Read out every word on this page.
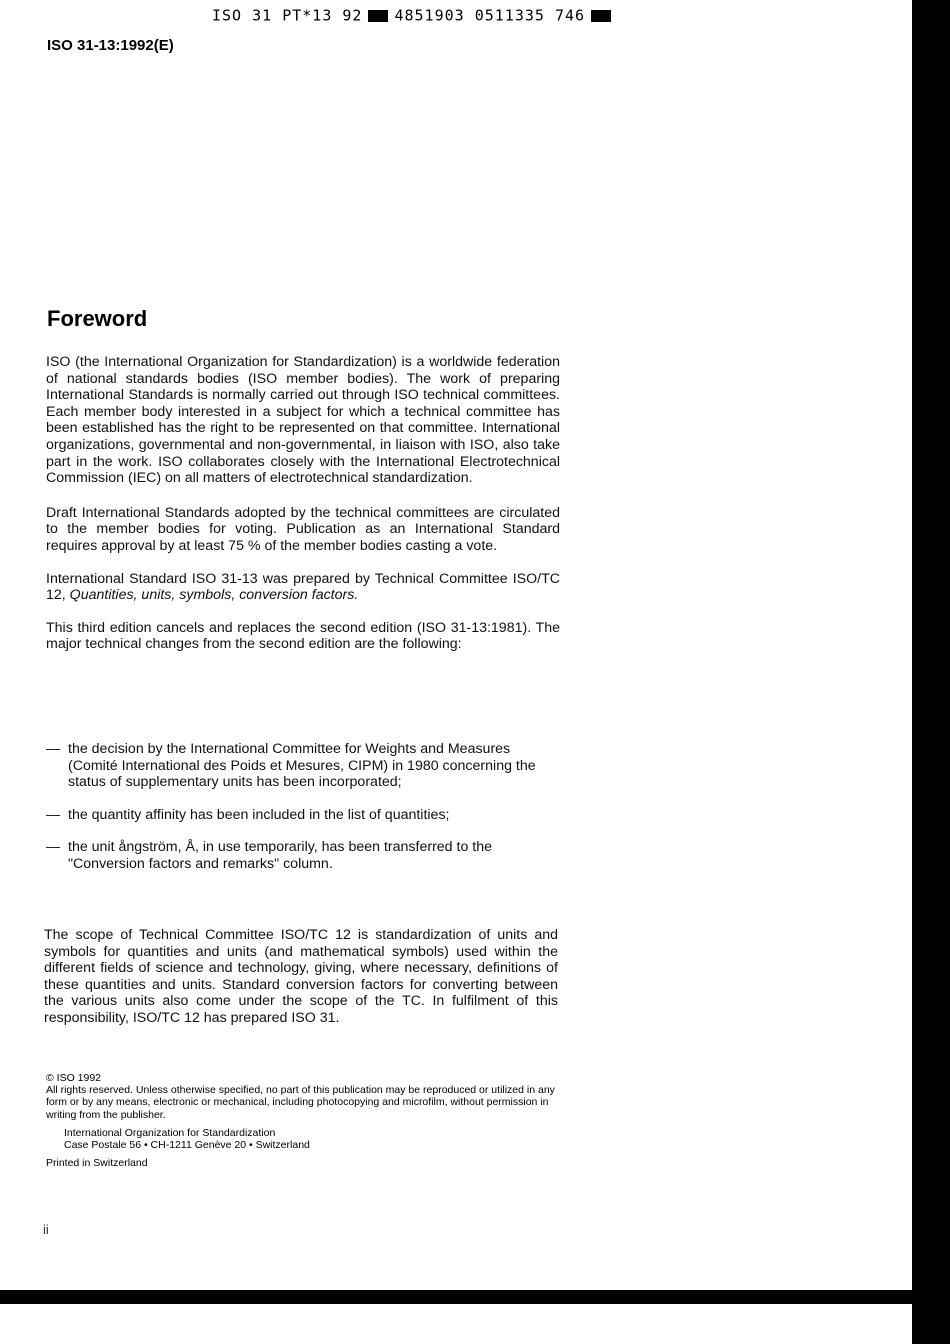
ISO 31 PT*13 92 4851903 0511335 746
ISO 31-13:1992(E)
Foreword

ISO (the International Organization for Standardization) is a worldwide federation of national standards bodies (ISO member bodies). The work of preparing International Standards is normally carried out through ISO technical committees. Each member body interested in a subject for which a technical committee has been established has the right to be represented on that committee. International organizations, governmental and non-governmental, in liaison with ISO, also take part in the work. ISO collaborates closely with the International Electrotechnical Commission (IEC) on all matters of electrotechnical standardization.

Draft International Standards adopted by the technical committees are circulated to the member bodies for voting. Publication as an International Standard requires approval by at least 75 % of the member bodies casting a vote.

International Standard ISO 31-13 was prepared by Technical Committee ISO/TC 12, Quantities, units, symbols, conversion factors.

This third edition cancels and replaces the second edition (ISO 31-13:1981). The major technical changes from the second edition are the following:

— the decision by the International Committee for Weights and Measures (Comité International des Poids et Mesures, CIPM) in 1980 concerning the status of supplementary units has been incorporated;
— the quantity affinity has been included in the list of quantities;
— the unit ångström, Å, in use temporarily, has been transferred to the "Conversion factors and remarks" column.

The scope of Technical Committee ISO/TC 12 is standardization of units and symbols for quantities and units (and mathematical symbols) used within the different fields of science and technology, giving, where necessary, definitions of these quantities and units. Standard conversion factors for converting between the various units also come under the scope of the TC. In fulfilment of this responsibility, ISO/TC 12 has prepared ISO 31.

© ISO 1992

All rights reserved. Unless otherwise specified, no part of this publication may be reproduced or utilized in any form or by any means, electronic or mechanical, including photocopying and microfilm, without permission in writing from the publisher.

International Organization for Standardization

Case Postale 56 • CH-1211 Genève 20 • Switzerland

Printed in Switzerland

ii
